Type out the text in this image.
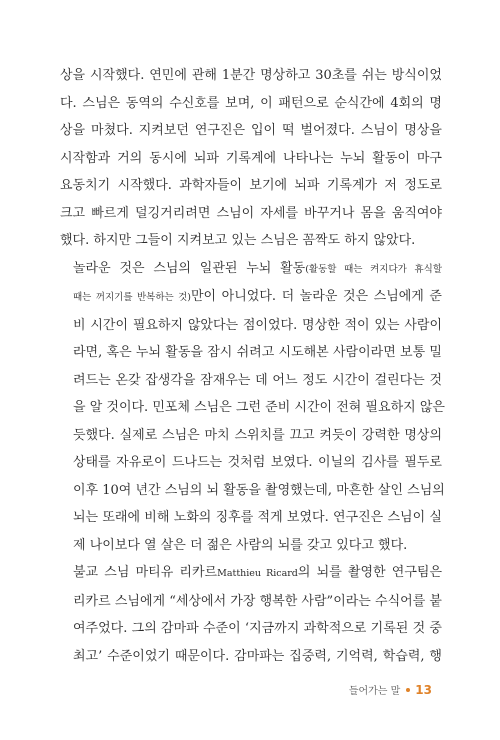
상을 시작했다. 연민에 관해 1분간 명상하고 30초를 쉬는 방식이었
다. 스님은 동역의 수신호를 보며, 이 패턴으로 순식간에 4회의 명
상을 마쳤다. 지켜보던 연구진은 입이 떡 벌어졌다. 스님이 명상을
시작함과 거의 동시에 뇌파 기록계에 나타나는 누뇌 활동이 마구
요동치기 시작했다. 과학자들이 보기에 뇌파 기록계가 저 정도로
크고 빠르게 덜깅거리려면 스님이 자세를 바꾸거나 몸을 움직여야
했다. 하지만 그들이 지켜보고 있는 스님은 꼼짝도 하지 않았다.

놀라운 것은 스님의 일관된 누뇌 활동(활동할 때는 켜지다가 휴식할
때는 꺼지기를 반복하는 것)만이 아니었다. 더 놀라운 것은 스님에게 준
비 시간이 필요하지 않았다는 점이었다. 명상한 적이 있는 사람이
라면, 혹은 누뇌 활동을 잠시 쉬려고 시도해본 사람이라면 보통 밀
려드는 온갖 잡생각을 잠재우는 데 어느 정도 시간이 걸린다는 것
을 알 것이다. 민포체 스님은 그런 준비 시간이 전혀 필요하지 않은
듯했다. 실제로 스님은 마치 스위치를 끄고 켜듯이 강력한 명상의
상태를 자유로이 드나드는 것처럼 보였다. 이닐의 김사를 필두로
이후 10여 년간 스님의 뇌 활동을 촬영했는데, 마흔한 살인 스님의
뇌는 또래에 비해 노화의 징후를 적게 보였다. 연구진은 스님이 실
제 나이보다 열 살은 더 젊은 사람의 뇌를 갖고 있다고 했다.

불교 스님 마티유 리카르Matthieu Ricard의 뇌를 촬영한 연구팀은
리카르 스님에게 “세상에서 가장 행복한 사람”이라는 수식어를 붙
여주었다. 그의 감마파 수준이 ‘지금까지 과학적으로 기록된 것 중
최고’ 수준이었기 때문이다. 감마파는 집중력, 기억력, 학습력, 행

들어가는 말 13
